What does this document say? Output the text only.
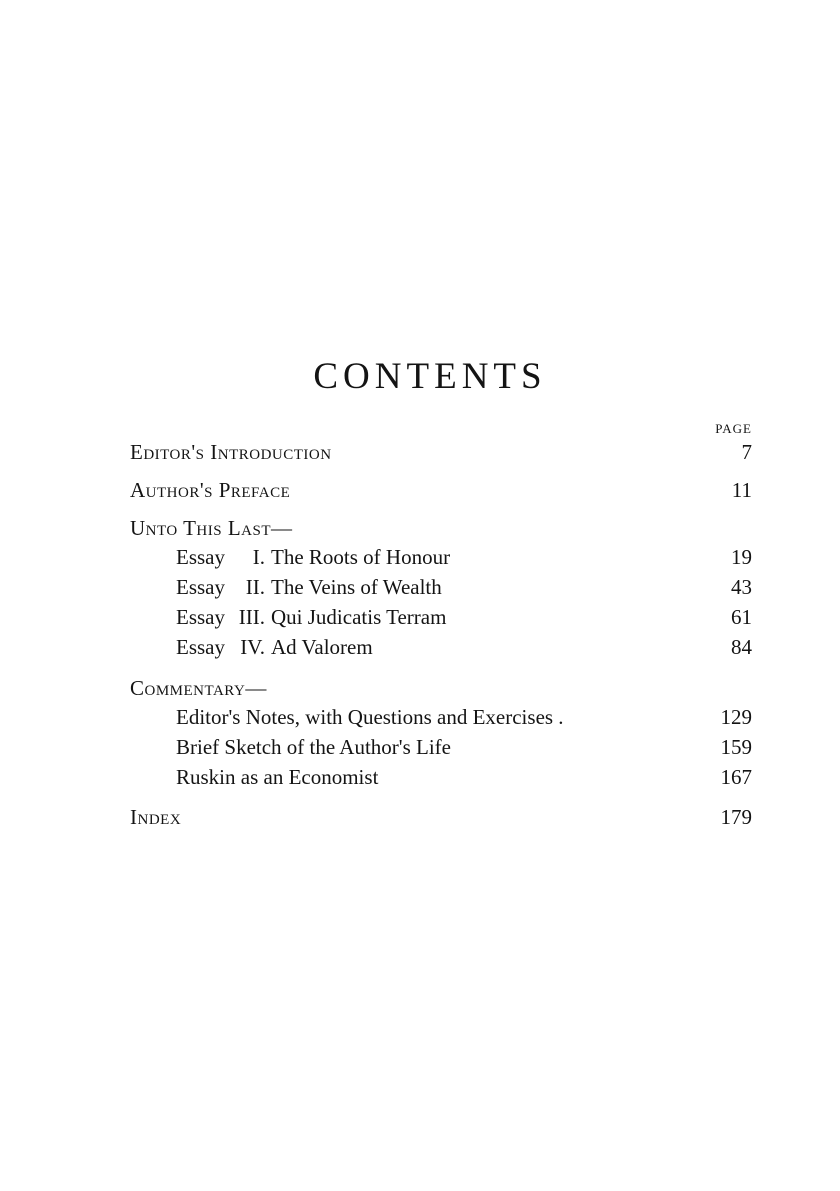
CONTENTS
PAGE
Editor's Introduction	7
Author's Preface	11
Unto This Last—
Essay I. The Roots of Honour	19
Essay II. The Veins of Wealth	43
Essay III. Qui Judicatis Terram	61
Essay IV. Ad Valorem	84
Commentary—
Editor's Notes, with Questions and Exercises .	129
Brief Sketch of the Author's Life	159
Ruskin as an Economist	167
Index	179
